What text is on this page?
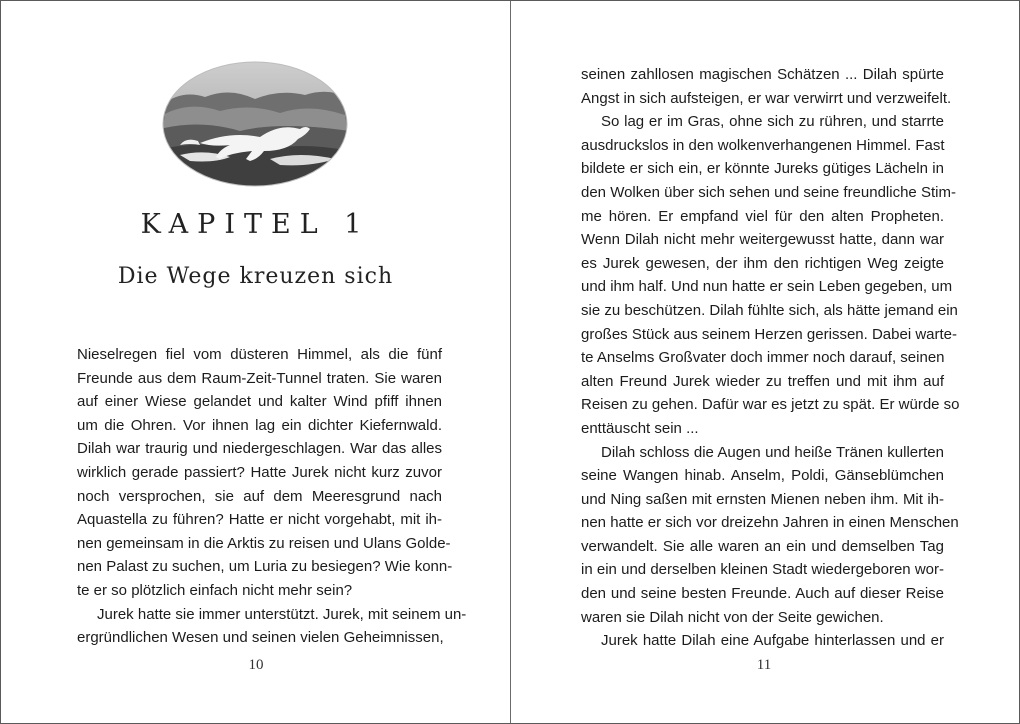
KAPITEL 1
Die Wege kreuzen sich
Nieselregen fiel vom düsteren Himmel, als die fünf
Freunde aus dem Raum-Zeit-Tunnel traten. Sie waren
auf einer Wiese gelandet und kalter Wind pfiff ihnen
um die Ohren. Vor ihnen lag ein dichter Kiefernwald.
Dilah war traurig und niedergeschlagen. War das alles
wirklich gerade passiert? Hatte Jurek nicht kurz zuvor
noch versprochen, sie auf dem Meeresgrund nach
Aquastella zu führen? Hatte er nicht vorgehabt, mit ih-
nen gemeinsam in die Arktis zu reisen und Ulans Golde-
nen Palast zu suchen, um Luria zu besiegen? Wie konn-
te er so plötzlich einfach nicht mehr sein?
Jurek hatte sie immer unterstützt. Jurek, mit seinem un-
ergründlichen Wesen und seinen vielen Geheimnissen,
10
seinen zahllosen magischen Schätzen ... Dilah spürte
Angst in sich aufsteigen, er war verwirrt und verzweifelt.
So lag er im Gras, ohne sich zu rühren, und starrte
ausdruckslos in den wolkenverhangenen Himmel. Fast
bildete er sich ein, er könnte Jureks gütiges Lächeln in
den Wolken über sich sehen und seine freundliche Stim-
me hören. Er empfand viel für den alten Propheten.
Wenn Dilah nicht mehr weitergewusst hatte, dann war
es Jurek gewesen, der ihm den richtigen Weg zeigte
und ihm half. Und nun hatte er sein Leben gegeben, um
sie zu beschützen. Dilah fühlte sich, als hätte jemand ein
großes Stück aus seinem Herzen gerissen. Dabei warte-
te Anselms Großvater doch immer noch darauf, seinen
alten Freund Jurek wieder zu treffen und mit ihm auf
Reisen zu gehen. Dafür war es jetzt zu spät. Er würde so
enttäuscht sein ...
Dilah schloss die Augen und heiße Tränen kullerten
seine Wangen hinab. Anselm, Poldi, Gänseblümchen
und Ning saßen mit ernsten Mienen neben ihm. Mit ih-
nen hatte er sich vor dreizehn Jahren in einen Menschen
verwandelt. Sie alle waren an ein und demselben Tag
in ein und derselben kleinen Stadt wiedergeboren wor-
den und seine besten Freunde. Auch auf dieser Reise
waren sie Dilah nicht von der Seite gewichen.
Jurek hatte Dilah eine Aufgabe hinterlassen und er
11
